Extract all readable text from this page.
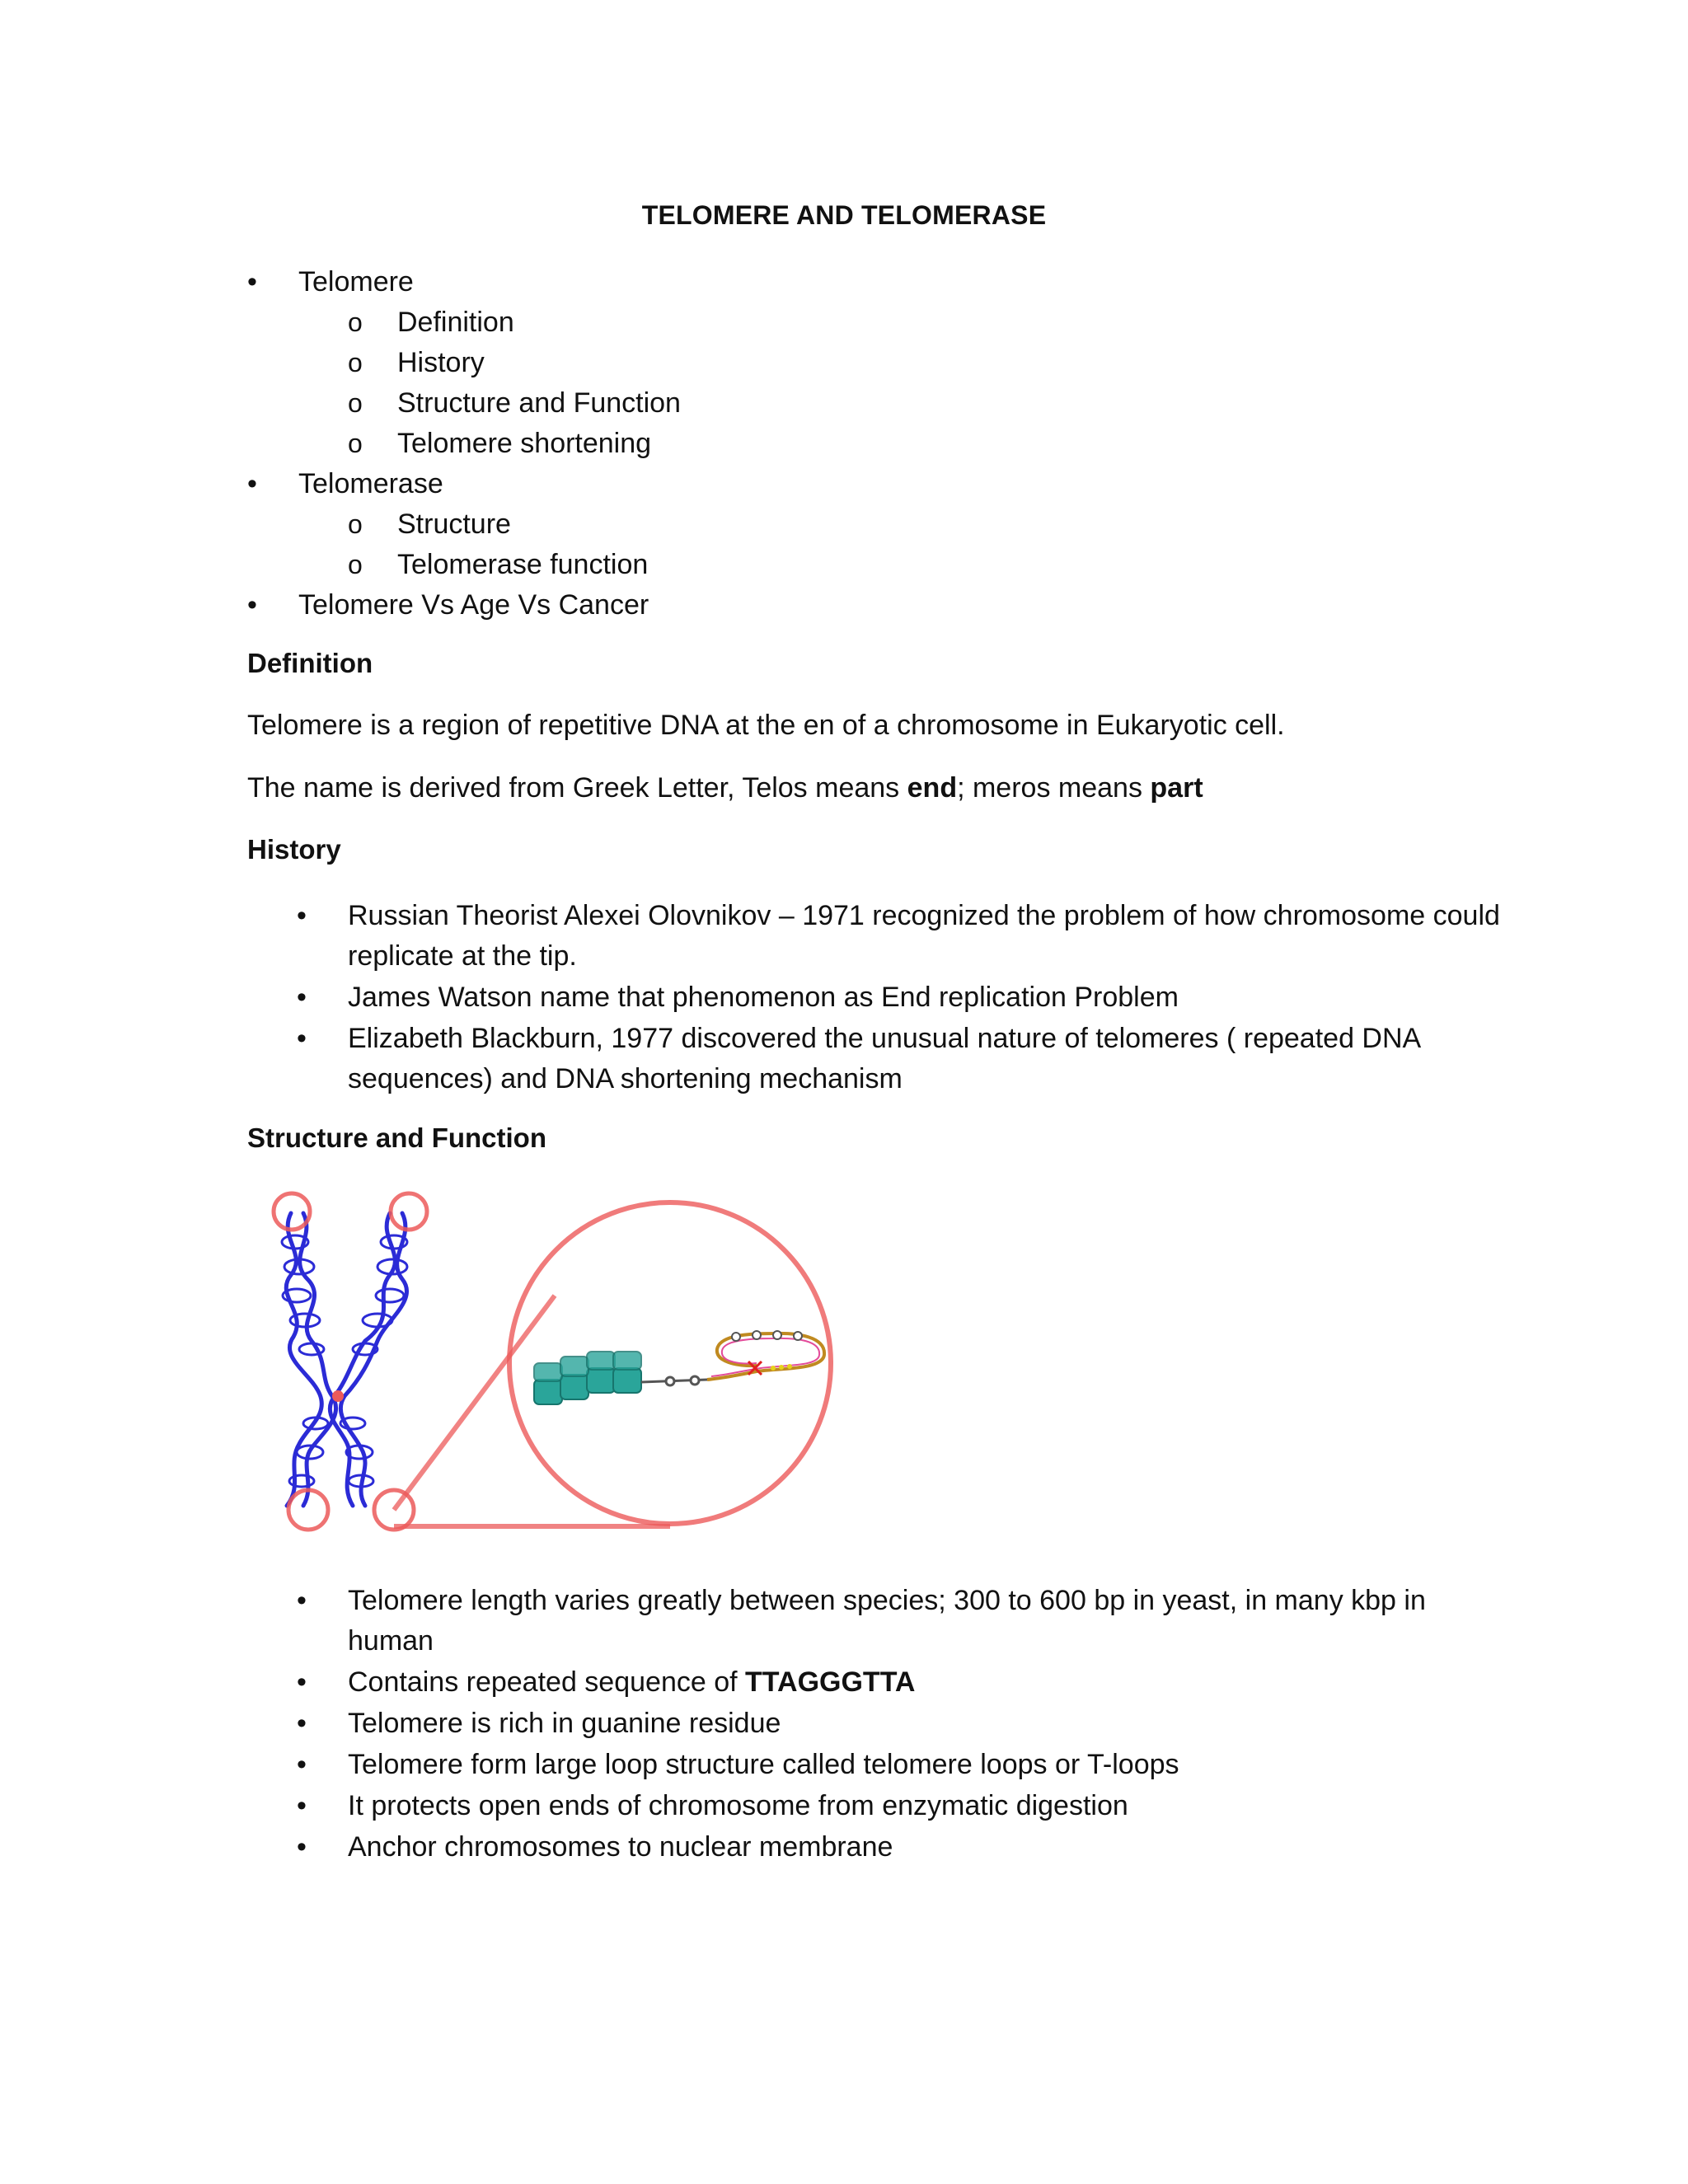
TELOMERE AND TELOMERASE
•	Telomere
o Definition
o History
o Structure and Function
o Telomere shortening
•	Telomerase
o Structure
o Telomerase function
•	Telomere Vs Age Vs Cancer
Definition
Telomere is a region of repetitive DNA at the en of a chromosome in Eukaryotic cell.
The name is derived from Greek Letter, Telos means end; meros means part
History
• Russian Theorist Alexei Olovnikov – 1971 recognized the problem of how chromosome could replicate at the tip.
• James Watson name that phenomenon as End replication Problem
• Elizabeth Blackburn, 1977 discovered the unusual nature of telomeres ( repeated DNA sequences) and DNA shortening mechanism
Structure and Function
• Telomere length varies greatly between species; 300 to 600 bp in yeast, in many kbp in human
• Contains repeated sequence of TTAGGGTTA
• Telomere is rich in guanine residue
• Telomere form large loop structure called telomere loops or T-loops
• It protects open ends of chromosome from enzymatic digestion
• Anchor chromosomes to nuclear membrane
